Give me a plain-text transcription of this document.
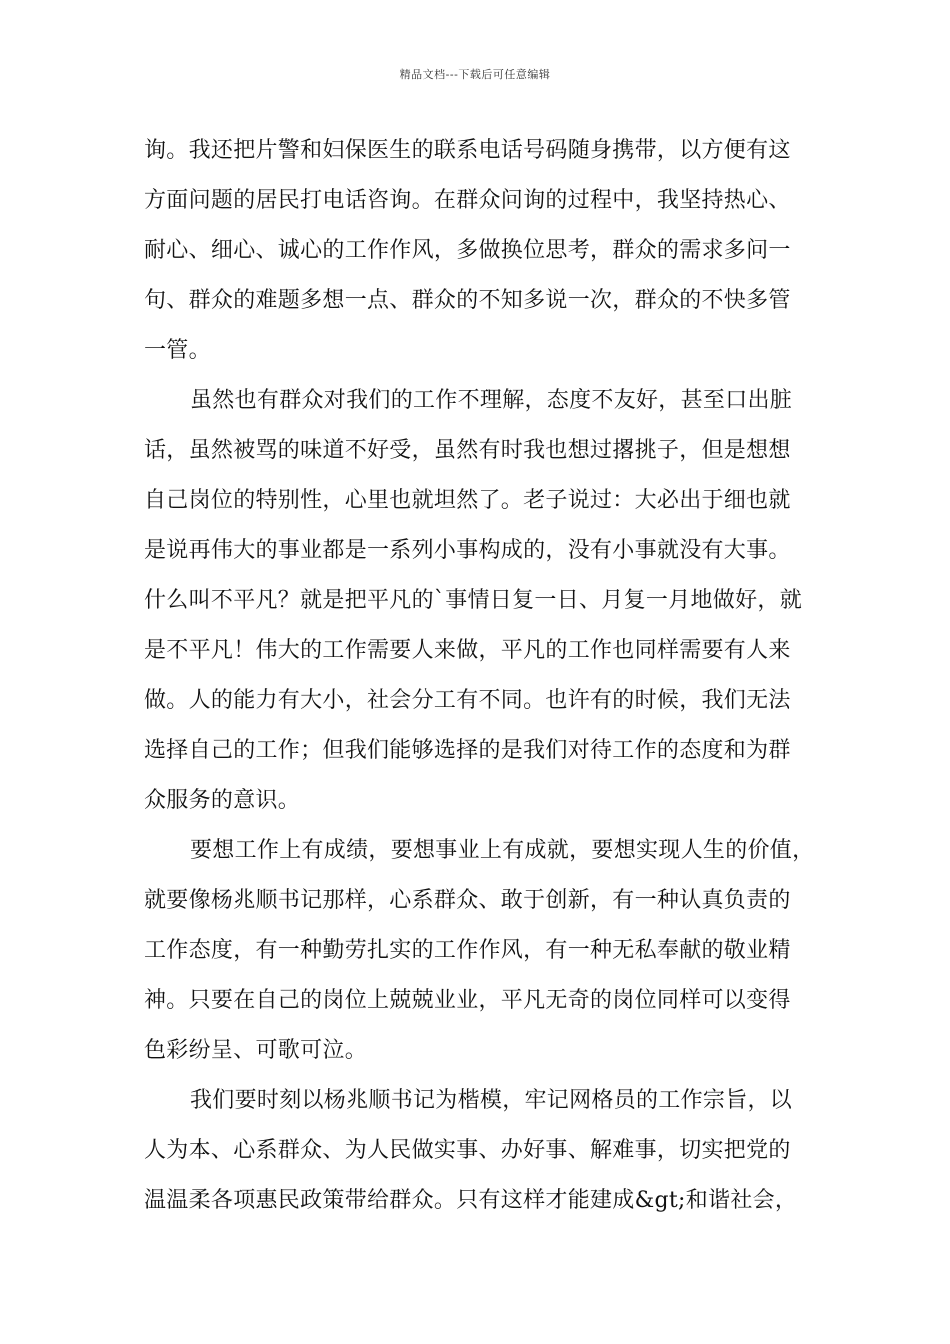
精品文档---下载后可任意编辑
询。我还把片警和妇保医生的联系电话号码随身携带，以方便有这
方面问题的居民打电话咨询。在群众问询的过程中，我坚持热心、
耐心、细心、诚心的工作作风，多做换位思考，群众的需求多问一
句、群众的难题多想一点、群众的不知多说一次，群众的不快多管
一管。
虽然也有群众对我们的工作不理解，态度不友好，甚至口出脏
话，虽然被骂的味道不好受，虽然有时我也想过撂挑子，但是想想
自己岗位的特别性，心里也就坦然了。老子说过：大必出于细也就
是说再伟大的事业都是一系列小事构成的，没有小事就没有大事。
什么叫不平凡？就是把平凡的`事情日复一日、月复一月地做好，就
是不平凡！伟大的工作需要人来做，平凡的工作也同样需要有人来
做。人的能力有大小，社会分工有不同。也许有的时候，我们无法
选择自己的工作；但我们能够选择的是我们对待工作的态度和为群
众服务的意识。
要想工作上有成绩，要想事业上有成就，要想实现人生的价值，
就要像杨兆顺书记那样，心系群众、敢于创新，有一种认真负责的
工作态度，有一种勤劳扎实的工作作风，有一种无私奉献的敬业精
神。只要在自己的岗位上兢兢业业，平凡无奇的岗位同样可以变得
色彩纷呈、可歌可泣。
我们要时刻以杨兆顺书记为楷模，牢记网格员的工作宗旨，以
人为本、心系群众、为人民做实事、办好事、解难事，切实把党的
温温柔各项惠民政策带给群众。只有这样才能建成&gt;和谐社会，
